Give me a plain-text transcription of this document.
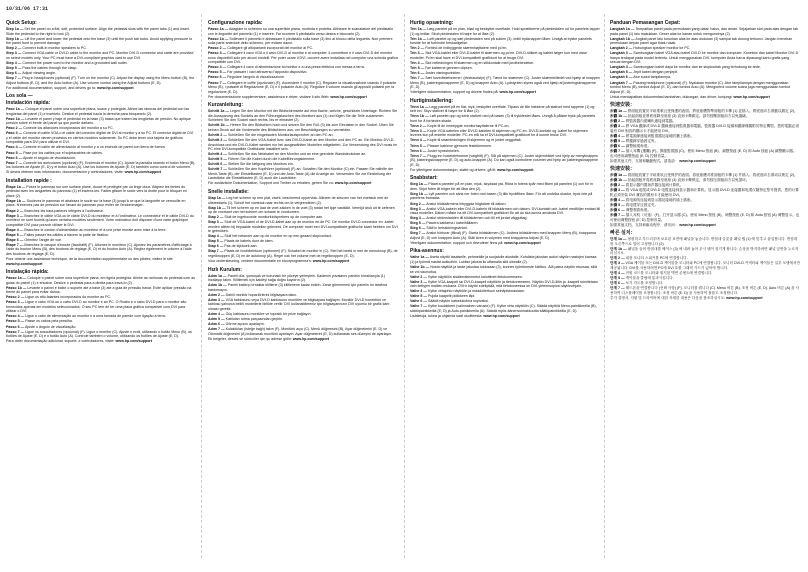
10/31/06 17:31
Quick Setup:
Step 1a — Set the panel on a flat, soft, protected surface. Align the pedestal slots with the panel tabs (1) and insert. Slide the pedestal to the right to lock (2).
Step 1b — Lift the panel and lower the pedestal onto the base (3) until the push tab locks. Avoid applying pressure to the panel front to prevent damage.
Step 2 — Connect built-in monitor speakers to PC.
Step 3 — Connect VGA cable or DVI-D cable to the monitor and PC. Monitor DVI-D connector and cable are provided on select models only. Your PC must have a DVI-compliant graphics card to use DVI.
Step 4 — Connect the power cord to the monitor and a grounded wall outlet.
Step 5 — Pass the cables through the clasp.
Step 6 — Adjust viewing angle.
Step 7 — Plug in headphones (optional) (F). Turn on the monitor (C). Adjust the display using the Menu button (B), the Adjust buttons (E, D), and the Auto button (A). Use volume control using the Adjust buttons (E, D).
For additional documentation, support, and drivers go to: www.hp.com/support
Los sola —
Instalación rápida:
Paso 1a — Coloque el panel sobre una superficie plana, suave y protegida. Alinee las ranuras del pedestal con las lengüetas del panel (1) e insértelo. Deslice el pedestal hacia la derecha para bloquearlo (2).
Paso 1b — Levante el panel y baje el pedestal en la base (3) hasta que traben las lengüetas de presión. No aplique presión sobre el frente del panel ya que puede dañarlo.
Paso 2 — Conecte los altavoces incorporados del monitor a su PC.
Paso 3 — Conecte el cable VGA o el cable del conector digital de DVI al monitor y a su PC. El conector digital de DVI y el cable del monitor vienen provistos en ciertos modelos solamente. Su PC debe tener una tarjeta de gráficos compatible para DVI para utilizar el DVI.
Paso 4 — Conecte el cable de alimentación al monitor y a un enchufe de pared con tierra de fuerza.
Paso 5 — Pase por los cables por el sujetacables de cables.
Paso 6 — Ajuste el ángulo de visualización.
Paso 7 — Conecte los auriculares (opcional) (F). Encienda el monitor (C). Ajuste la pantalla usando el botón Menú (B), los botones de Ajuste (E, D) y el botón Auto (A). Use los botones de Ajuste (E, D) también como control de volumen.
Si desea obtener más información, documentación y controladores, visite: www.hp.com/support
Installation rapide :
Étape 1a — Posez le panneau sur une surface plane, douce et protégée par un linge doux. Alignez les fentes du pedestal avec les languettes du panneau (1) et insérez-les. Faites glisser le socle vers la droite pour le bloquer en place (2).
Étape 1b — Soulevez le panneau et abaissez le socle sur la base (3) jusqu'à ce que la languette se verrouille en place. N'exercez pas de pression sur l'avant du panneau pour éviter de l'endommager.
Étape 2 — Branchez les haut-parleurs intégrés à l'ordinateur.
Étape 3 — Branchez le câble VGA ou le câble DVI-D du moniteur et à l'ordinateur. Le connecteur et le câble DVI-D du moniteur ne sont fournis qu'avec certains modèles seulement. Votre ordinateur doit disposer d'une carte graphique compatible DVI pour pouvoir utiliser le DVI.
Étape 4 — Branchez le cordon d'alimentation au moniteur et à une prise murale avec mise à la terre.
Étape 5 — Faites passer les câbles à travers la patte de fixation.
Étape 6 — Orientez l'angle de vue.
Étape 7 — Branchez le casque d'écoute (facultatif) (F). Allumez le moniteur (C). Ajustez les paramètres d'affichage à l'aide du bouton Menu (B), des boutons de réglage (E, D) et du bouton Auto (A). Réglez également le volume à l'aide des boutons de réglage (E, D).
Pour obtenir une assistance technique, de la documentation supplémentaire ou des pilotes, visitez le site www.hp.com/support
Instalação rápida:
Passo 1a — Coloque o painel sobre uma superfície plana, em tigela protegida. Alinhe as ranhuras do pedestal com as guias do painel (1) e encaixe. Deslize o pedestal para a direita para travá-lo (2).
Passo 1b — Levante o painel e baixe o suporte até a base (3) até a guia de pressão travar. Evite aplicar pressão na frente do painel para evitar danos.
Passo 2 — Ligue os alto-falantes incorporados do monitor ao PC.
Passo 3 — Ligue o cabo VGA ou o cabo DVI-D ao monitor e ao PC. O Rcabo e o cabo DVI-D para o monitor são fornecidos apenas em modelos seleccionados. O seu PC tem de ter uma placa gráfica compatível com DVI para utilizar o DVI.
Passo 4 — Ligue o cabo de alimentação ao monitor e a uma tomada de parede com ligação à terra.
Passo 5 — Passe os cabos pela presilha.
Passo 6 — Ajuste o ângulo de visualização.
Passo 7 — Ligue os auscultadores (opcional) (F). Ligue o monitor (C). Ajuste o ecrã, utilizando o botão Menu (B), os botões de Ajuste (E, D) e o botão Auto (A). Controle também o volume, utilizando os botões de Ajuste (E, D).
Para obter documentação adicional, suporte, e controladores, visite: www.hp.com/support
Configurazione rapida:
Passo 1a — Adagiare lo schermo su una superficie piana, morbida e protetta. Allineare le scanalature del piedistallo con le linguette del pannello (1) e inserire. Far scorrere il piedistallo verso destra e bloccarlo (2).
Passo 1b — Sollevare il pannello e abbassare il piedistallo sulla base (3) fino al blocco della linguetta. Non premere sulla parte anteriore dello schermo, per evitare danni.
Passo 2 — Collegare gli altoparlanti incorporati del monitor al PC.
Passo 3 — Collegare il cavo VGA o il cavo DVI-D al monitor e al computer. Il connettore e il cavo DVI-D del monitor sono disponibili solo per alcuni modelli. Per poter usare il DVI, occorre avere installata nel computer una scheda grafica compatibile con DVI.
Passo 4 — Collegare il cavo di alimentazione al monitor e a una presa elettrica con messa a terra.
Passo 5 — Far passare i cavi attraverso l'apposito dispositivo.
Passo 6 — Regolare l'angolo di visualizzazione.
Passo 7 — Collegare le cuffie (opzionale) (F). Accendere il monitor (C). Regolare la visualizzazione usando il pulsante Menu (B), i pulsanti di Regolazione (E, D) e il pulsante Auto (A). Regolare il volume usando gli appositi pulsanti per la regolazione (E, D).
Per documentazione supplementare, assistenza e driver, visitare il sito Web: www.hp.com/support
Kurzanleitung:
Schritt 1a — Legen Sie den Monitor mit der Bildschirmseite auf eine flache, weiche, geschützte Unterlage. Richten Sie die Aussparung des Sockels an den Führungslaschen des Monitors aus (1) und fügen Sie die Teile zusammen. Schieben Sie den Sockel nach rechts, bis er einrastet (2).
Schritt 1b — Heben Sie den Bildschirm hoch und setzen Sie den Fuß (3) bis zum Einrasten in den Sockel. Üben Sie keinen Druck auf die Vorderseite des Bildschirms aus, um Beschädigungen zu vermeiden.
Schritt 2 — Schließen Sie die eingebauten Monitorlautsprecher an den PC an.
Schritt 3 — Schließen Sie den VGA-Kabel bzw. das DVI-D-Kabel an den Monitor und den PC an. Ein Monitor-DVI-D-Anschluss und ein DVI-D-Kabel werden nur bei ausgewählten Modellen mitgeliefert. Zur Verwendung des DVI muss im PC eine DVI-kompatible Grafikkarte installiert sein.
Schritt 4 — Schließen Sie das Netzkabel an den Monitor und an eine geerdete Wandsteckdose an.
Schritt 5 — Führen Sie die Kabel durch die Kabelführungsklemme.
Schritt 6 — Stellen Sie die Neigung des Monitors ein.
Schritt 7 — Schließen Sie den Kopfhörer (optional) (F) an. Schalten Sie den Monitor (C) ein. Passen Sie mithilfe der Menü-Taste (B), der Einstelltasten (E, D) und der Auto-Taste (A) die Anzeige an. Verwenden Sie zur Einstellung der Lautstärke die Einstelltasten (E, D) auch die Lautstärke.
Für zusätzliche Dokumentation, Support und Treiber zu erhalten, gehen Sie zu: www.hp.com/support
Snelle installatie:
Stap 1a — Leg het scherm op een plat, zacht, beschermd oppervlak. Allineer de sleuven van het voetstuk met de uitsteeksels (1). Schuif het voetstuk naar rechts om te vergrendelen (2).
Stap 1b — Til het scherm op en laat de voet zakken in de voet (3) totdat het lipje vastklikt. Vermijd druk uit te oefenen op de voorkant van het scherm om schade te voorkomen.
Stap 2 — Sluit de ingebouwde monitorluidsprekers op de computer aan.
Stap 3 — Sluit de VGA-kabel of de DVI-D-kabel aan op de monitor en de PC. De monitor DVI-D-connector en -kabel worden alleen bij bepaalde modellen geleverd. De computer moet een DVI-compatibele grafische kaart hebben om DVI te gebruiken.
Stap 4 — Sluit het netsnoer aan op de monitor en op een geaard stopcontact.
Stap 5 — Plaats de kabels door de klem.
Stap 6 — Pas de kijkhoek aan.
Stap 7 — Plaats de hoofdtelefoon (optioneel) (F). Schakel de monitor in (C). Stel het beeld in met de menuknop (B), de regelknoppen (E, D) en de autoknop (A). Regel ook het volume met de regelknoppen (E, D).
Voor ondersteuning, verdere documentatie en stuurprogramma's: www.hp.com/support
Hızlı Kurulum:
Adım 1a — Paneli düz, yumuşak ve korunaklı bir yüzeye yerleştirin. Kaidenin yuvalarını panelin tırnaklarıyla (1) hizalayıp takın. Kilitlemek için kaideyi sağa doğru kaydırın (2).
Adım 1b — Paneli kaldırıp tırnaklar kilitlene (3) kilitlenene kadar indirin. Zarar görmemesi için panelin ön tarafına bastırmayın.
Adım 2 — Dahili monitör hoparlörlerini bilgisayara takın.
Adım 3 — VGA kablosunu veya DVI-D kablosunu monitöre ve bilgisayara bağlayın. Monitör DVI-D konektörü ve kablosu yalnızca belirli modellerle birlikte verilir. DVI kullanabilmeniz için bilgisayarınızın DVI uyumlu bir grafik kartı olması gerekir.
Adım 4 — Güç kablosunu monitöre ve topraklı bir prize bağlayın.
Adım 5 — Kabloları tutma parçasından geçirin.
Adım 6 — Görme açısını ayarlayın.
Adım 7 — Kulaklıkları (isteğe bağlı) takın (F). Monitörü açın (C). Menü düğmesini (B), Ayar düğmelerini (E, D) ve Otomatik düğmesini (A) kullanarak monitörü ayarlayın. Ayar düğmelerini (E, D) kullanarak ses düzeyini de ayarlayın.
Ek belgeler, destek ve sürücüler için şu adrese gidin: www.hp.com/support
Hurtig opsætning:
Trin 1a — Læg panelet på en plan, blød og beskyttet overflade. Hold sprækkerne på piedestalen ud for panelets tapper (1) og indfør. Skub piedestalen til højre for at låse (2).
Trin 1b — Løft panelet op og sæt piedestalen ned på soklen (3), indtil trykknappen låser. Undgå at trykke panelets forside for at forhindre beskadigelse.
Trin 2 — Forbind de indbyggede skærmhøjttalere med pc'en.
Trin 3 — Slut VGA-kablet eller DVI-D-kablet til skærmen og pc'en. DVI-D-stikket og kablet følger kun med visse modeller. Pc'en skal have et DVI-kompatibelt grafikkort for at bruge DVI.
Trin 4 — Slut netledningen til skærmen og en stikkontakt med jordforbindelse.
Trin 5 — Før kablerne gennem clipsen.
Trin 6 — Juster visningsvinklen.
Trin 7 — Sæt hovedtelefonerne i (ekstraudstyr) (F). Tænd for skærmen (C). Juster skærmbilledet ved hjælp af knappen Menu (B), justeringsknapperne (E, D) og knappen Auto (A). Lydstyrken styres også ved hjælp af justeringsknapperne (E, D).
Yderligere dokumentation, support og drivere findes på: www.hp.com/support
Hurtiginstallering:
Trinn 1a — Legg panelet på en flat, myk, beskyttet overflate. Tilpass de lille hakkene på stativet med tappene (1) og sett inn. Skyv stativet til høyre for å låse (2).
Trinn 1b — Løft panelet opp og senk stativet ned på basen (3) til trykkfestet låses. Unngå å påføre trykk på panelets front for å forhindre skade.
Trinn 2 — Kople til de innebygde monitorhøyttalerne til PC-en.
Trinn 3 — Kople VGA-kabelen eller DVI-D-kabelen til skjermen og PC-en. DVI-D-kontakt og -kabel for skjermen leveres kun på enkelte modeller. PC-en må ha et DVI-kompatibelt grafikkort for å kunne bruke DVI.
Trinn 4 — Kople til strømledningen til skjermen og et jordet vegguttak.
Trinn 5 — Plasser kablene gjennom festeklemmen.
Trinn 6 — Juster synsvinkelen.
Trinn 7 — Plugg inn hodetelefonene (valgfritt) (F). Slå på skjermen (C). Juster skjermbildet ved hjelp av menyknappen (B), justeringsknappene (E, D) og auto-knappen (A). Du kan også kontrollere volumet ved hjelp av justeringsknappene (E, D).
For ytterligere dokumentasjon, støtte og drivere, gå til: www.hp.com/support
Snabbstart:
Steg 1a — Placera panelen på en plan, mjuk, skyddad yta. Rikta in fotens spår med fliken på panelen (1) och för in dem. Skjut foten åt höger för att låsa den (2).
Steg 1b — Lyft panelen och sänk ner foten mot basen (3) tills tryckfliken låser. För att undvika skador, tryck inte på panelens framsida.
Steg 2 — Anslut bildskärmens inbyggda högtalare till datorn.
Steg 3 — Anslut VGA-kabeln eller DVI-D-kabeln till bildskärmen och datorn. DVI-kontakt och -kabel medföljer endast till vissa modeller. Datorn måste ha ett DVI-kompatibelt grafikkort för att du ska kunna använda DVI.
Steg 4 — Anslut strömsladden till bildskärmen och till ett jordat vägguttag.
Steg 5 — Placera kablarna i kabelhållaren.
Steg 6 — Ställ in betraktningsvinkel.
Steg 7 — Anslut hörlurar (tillval) (F). Starta bildskärmen (C). Justera bildskärmen med knappen Meny (B), knapparna Adjust (E, D) och knappen Auto (A). Ställ även in volymen med knapparna Adjust (E, D).
Ytterligare dokumentation, support och drivrutiner finns på: www.hp.com/support
Pika-asennus:
Vaihe 1a — Aseta näyttö tasaiselle, pehmeälle ja suojatulle alustalle. Kohdista jalustan aukot näytön nastojen kanssa (1) ja työnnä nastat aukkoihin. Lukitse jalusta liu'uttamalla sitä oikealle (2).
Vaihe 1b — Nosta näyttöä ja laske jalustaa tukiosaan (3), kunnes työntöneste lukittuu. Älä paina näytön etuosaa, sillä se voi vaurioitua.
Vaihe 2 — Kytke näyttöön sisäänrakennetut kaiuttimet tietokoneeseen.
Vaihe 3 — Kytke VGA-kaapeli tai DVI-D-kaapeli näyttöön ja tietokoneeseen. Näytön DVI-D-liitin ja -kaapeli toimitetaan vain tiettyjen mallien mukana. DVI:n käyttö edellyttää, että tietokoneessa on DVI-yhteensopiva näytönohjain.
Vaihe 4 — Kytke virtajohto näyttöön ja maadoitettuun seinäpistorasiaan.
Vaihe 5 — Pujota kaapelit pidikkeen läpi.
Vaihe 6 — Säädä näytön katselukulma sopivaksi.
Vaihe 7 — Kytke kuulokkeet (valinnainen varuste) (F). Kytke virta näyttöön (C). Säädä näyttöä Menu-painikkeella (B), säätöpainikkeilla (E, D) ja Auto-painikkeella (A). Säädä myös äänenvoimakkuutta säätöpainikkeilla (E, D).
Lisätietoja, tukea ja ohjaimia saat osoitteesta: www.hp.com/support
Panduan Pemasangan Cepat:
Langkah 1a — Tempatkan panel pada permukaan yang datar, halus, dan aman. Sejajarkan slot pada alas dengan tab pada panel (1) lalu masukkan. Geser alas ke kanan untuk menguncinya (2).
Langkah 1b — Angkat panel lalu turunkan alas ke atas dudukan (3) sampai tab dorong terkunci. Jangan menekan permukaan depan panel agar tidak rusak.
Langkah 2 — Hubungkan speaker monitor ke PC.
Langkah 3 — Sambungkan kabel VGA atau kabel DVI-D ke monitor dan komputer. Konektor dan kabel Monitor DVI-D hanya terdapat pada model tertentu. Untuk menggunakan DVI, komputer Anda harus dipasangi kartu grafis yang sesuai dengan DVI.
Langkah 4 — Sambungkan kabel daya ke monitor dan ke stopkontak yang terhubung ke arde.
Langkah 5 — Jepit kabel dengan penjepit.
Langkah 6 — Atur sudut tampilannya.
Langkah 7 — Pasang headphone (opsional) (F). Nyalakan monitor (C). Atur tampilannya dengan menggunakan tombol Menu (B), tombol Adjust (E, D), dan tombol Auto (A). Mengontrol volume suara juga menggunakan tombol Adjust (E, D).
Untuk mendapatkan dokumentasi tambahan, dukungan, dan driver, kunjungi: www.hp.com/support
快速安裝：
步驟 1a — 將面板放置於平坦柔軟且受保護的表面。將底座槽對準面板的卡榫 (1) 並插入。將底座向右滑動以鎖定 (2)。
步驟 1b — 抬起面板並將底座降至底座 (3) 直到卡榫鎖定。請勿按壓面板前方以免損壞。
步驟 2 — 將監視器內建喇叭連接到電腦。
步驟 3 — 將 VGA 纜線或 DVI-D 纜線連接到監視器和電腦。監視器 DVI-D 接頭和纜線僅隨附於特定機型。您的電腦必須裝有 DVI 相容的顯示卡才能使用 DVI。
步驟 4 — 將電源線連接到監視器及接地的牆上插座。
步驟 5 — 將纜線穿過固定夾。
步驟 6 — 調整檢視角度。
步驟 7 — 插入耳機 (選購) (F)。開啟監視器 (C)。使用 Menu 按鈕 (B)、調整按鈕 (E, D) 和 Auto 按鈕 (A) 調整顯示器。也可使用調整按鈕 (E, D) 控制音量。
如需其他文件、支援和驅動程式，請造訪： www.hp.com/support
快速安装：
步骤 1a — 将面板放置于平坦柔软且受保护的表面。将底座槽对准面板的卡榫 (1) 并插入。将底座向右滑动以锁定 (2)。
步骤 1b — 抬起面板并将底座降至底座 (3) 直到卡榫锁定。请勿按压面板前方以免损坏。
步骤 2 — 将显示器内置扬声器连接到计算机。
步骤 3 — 将 VGA 电缆或 DVI-D 电缆连接到显示器和计算机。显示器 DVI-D 连接器和电缆仅随特定型号提供。您的计算机必须安装 DVI 兼容的图形卡才能使用 DVI。
步骤 4 — 将电源线连接到显示器及接地的墙上插座。
步骤 5 — 将电缆穿过固定夹。
步骤 6 — 调整观看角度。
步骤 7 — 插入耳机（可选）(F)。打开显示器 (C)。使用 Menu 按钮 (B)、调整按钮 (E, D) 和 Auto 按钮 (A) 调整显示。也可使用调整按钮 (E, D) 控制音量。
如需其他文档、支持和驱动程序，请访问： www.hp.com/support
빠른 설치:
단계 1a — 평평하고 부드러우며 보호된 표면에 패널을 놓습니다. 받침대 슬롯을 패널 탭 (1) 에 맞추고 삽입합니다. 받침대를 오른쪽으로 밀어 고정합니다 (2).
단계 1b — 패널을 들어 받침대를 베이스 (3) 에 내려 놓아 푸시 탭이 잠기게 합니다. 손상을 방지하려면 패널 앞면을 누르지 마십시오.
단계 2 — 내장 모니터 스피커를 PC에 연결합니다.
단계 3 — VGA 케이블 또는 DVI-D 케이블을 모니터와 PC에 연결합니다. 모니터 DVI-D 커넥터와 케이블은 일부 모델에서만 제공됩니다. DVI를 사용하려면 PC에 DVI 호환 그래픽 카드가 있어야 합니다.
단계 4 — 전원 코드를 모니터와 접지된 벽면 콘센트에 연결합니다.
단계 5 — 케이블을 클립에 통과시킵니다.
단계 6 — 보기 각도를 조정합니다.
단계 7 — 헤드폰을 연결합니다 (선택 사항) (F). 모니터를 켭니다 (C). Menu 버튼 (B), 조정 버튼 (E, D), Auto 버튼 (A) 을 사용하여 디스플레이를 조정합니다. 조정 버튼 (E, D) 을 사용하여 볼륨도 조정합니다.
추가 설명서, 지원 및 드라이버에 대한 자세한 내용은 다음을 참조하십시오: www.hp.com/support
